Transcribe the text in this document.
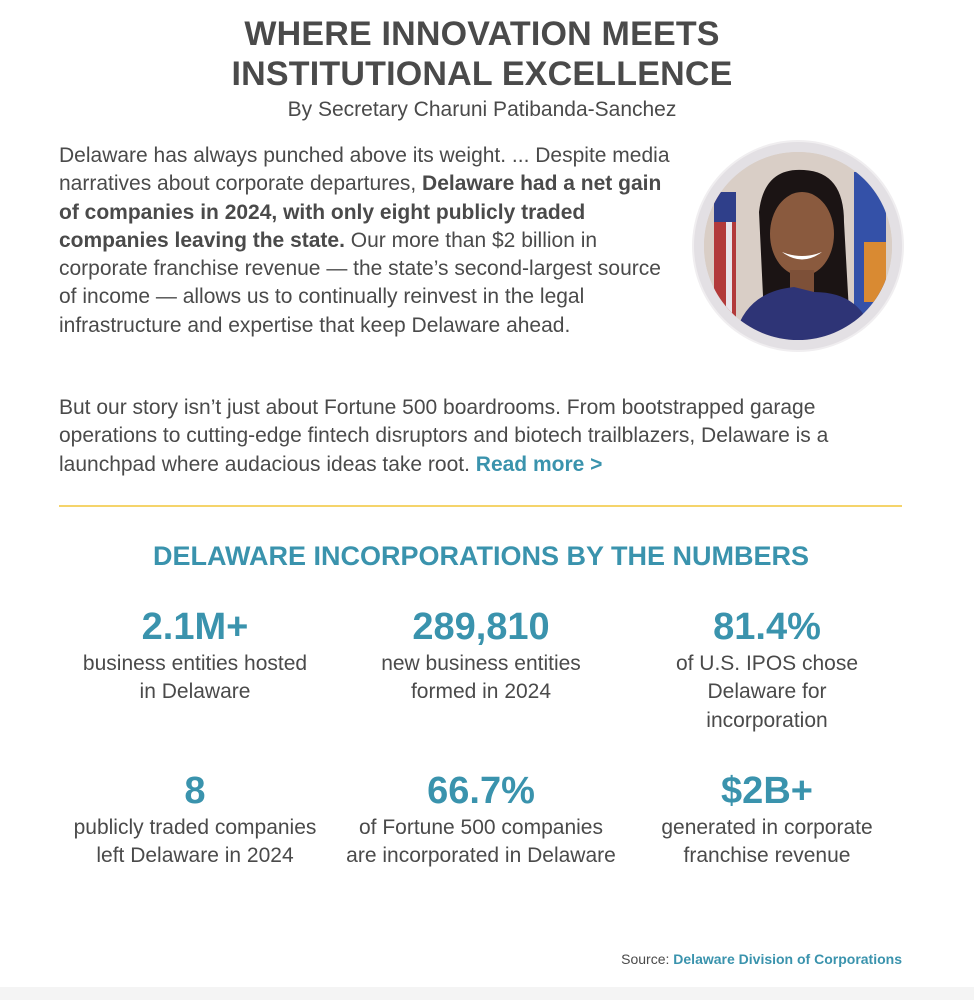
WHERE INNOVATION MEETS
INSTITUTIONAL EXCELLENCE
By Secretary Charuni Patibanda-Sanchez
Delaware has always punched above its weight. ... Despite media narratives about corporate departures, Delaware had a net gain of companies in 2024, with only eight publicly traded companies leaving the state. Our more than $2 billion in corporate franchise revenue — the state’s second-largest source of income — allows us to continually reinvest in the legal infrastructure and expertise that keep Delaware ahead.
But our story isn’t just about Fortune 500 boardrooms. From bootstrapped garage operations to cutting-edge fintech disruptors and biotech trailblazers, Delaware is a launchpad where audacious ideas take root. Read more >
DELAWARE INCORPORATIONS BY THE NUMBERS
2.1M+
business entities hosted in Delaware
289,810
new business entities formed in 2024
81.4%
of U.S. IPOS chose Delaware for incorporation
8
publicly traded companies left Delaware in 2024
66.7%
of Fortune 500 companies are incorporated in Delaware
$2B+
generated in corporate franchise revenue
Source: Delaware Division of Corporations
